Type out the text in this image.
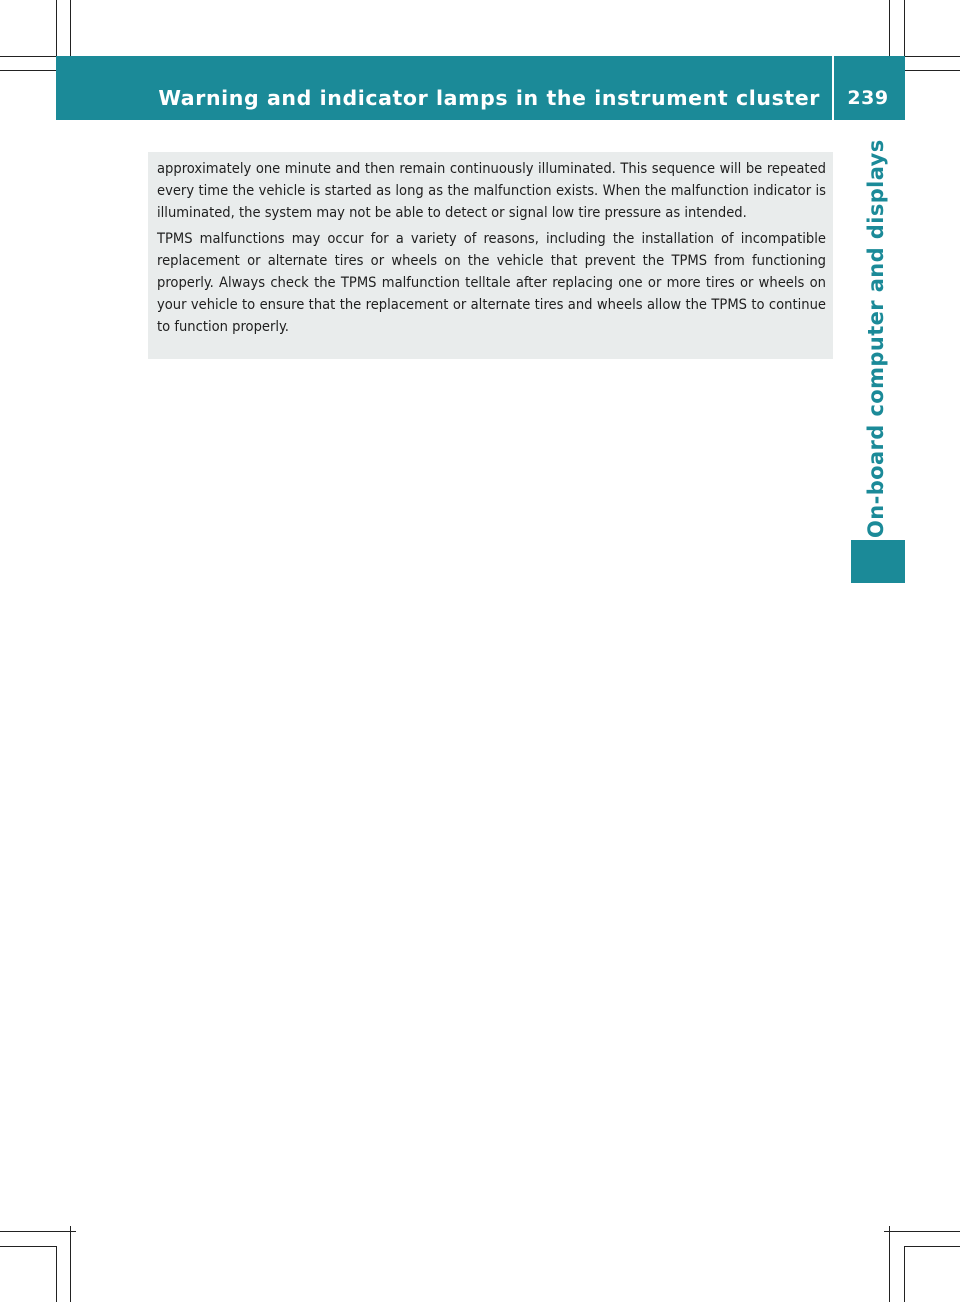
Warning and indicator lamps in the instrument cluster	239
On-board computer and displays

approximately one minute and then remain continuously illuminated. This sequence will be repeated every time the vehicle is started as long as the malfunction exists. When the malfunction indicator is illuminated, the system may not be able to detect or signal low tire pressure as intended.

TPMS malfunctions may occur for a variety of reasons, including the installation of incompatible replacement or alternate tires or wheels on the vehicle that prevent the TPMS from functioning properly. Always check the TPMS malfunction telltale after replacing one or more tires or wheels on your vehicle to ensure that the replacement or alternate tires and wheels allow the TPMS to continue to function properly.
